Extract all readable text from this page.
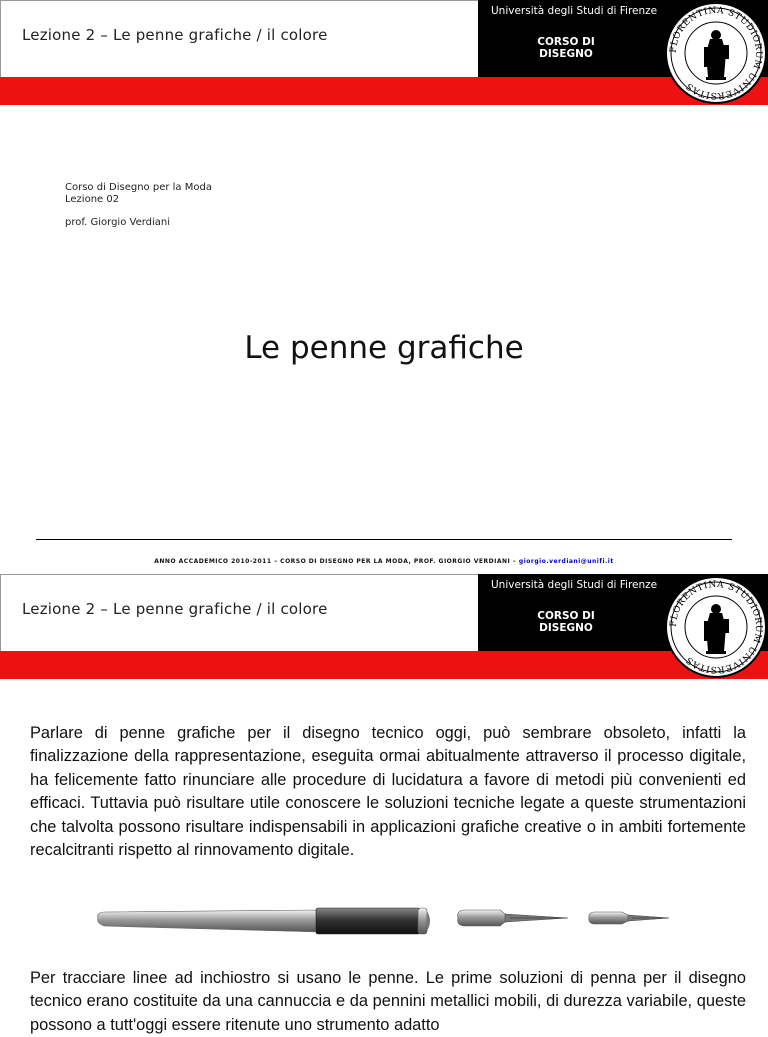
Lezione 2 – Le penne grafiche / il colore
Università degli Studi di Firenze
CORSO DI
DISEGNO	FLORENTINA STUDIORUM UNIVERSITAS
Corso di Disegno per la Moda
Lezione 02
prof. Giorgio Verdiani
Le penne grafiche
ANNO ACCADEMICO 2010-2011 – CORSO DI DISEGNO PER LA MODA, PROF. GIORGIO VERDIANI – giorgio.verdiani@unifi.it
Lezione 2 – Le penne grafiche / il colore
Università degli Studi di Firenze
CORSO DI
DISEGNO	FLORENTINA STUDIORUM UNIVERSITAS

Parlare di penne grafiche per il disegno tecnico oggi, può sembrare obsoleto, infatti la finalizzazione della rappresentazione, eseguita ormai abitualmente attraverso il processo digitale, ha felicemente fatto rinunciare alle procedure di lucidatura a favore di metodi più convenienti ed efficaci. Tuttavia può risultare utile conoscere le soluzioni tecniche legate a queste strumentazioni che talvolta possono risultare indispensabili in applicazioni grafiche creative o in ambiti fortemente recalcitranti rispetto al rinnovamento digitale.

Per tracciare linee ad inchiostro si usano le penne. Le prime soluzioni di penna per il disegno tecnico erano costituite da una cannuccia e da pennini metallici mobili, di durezza variabile, queste possono a tutt'oggi essere ritenute uno strumento adatto
